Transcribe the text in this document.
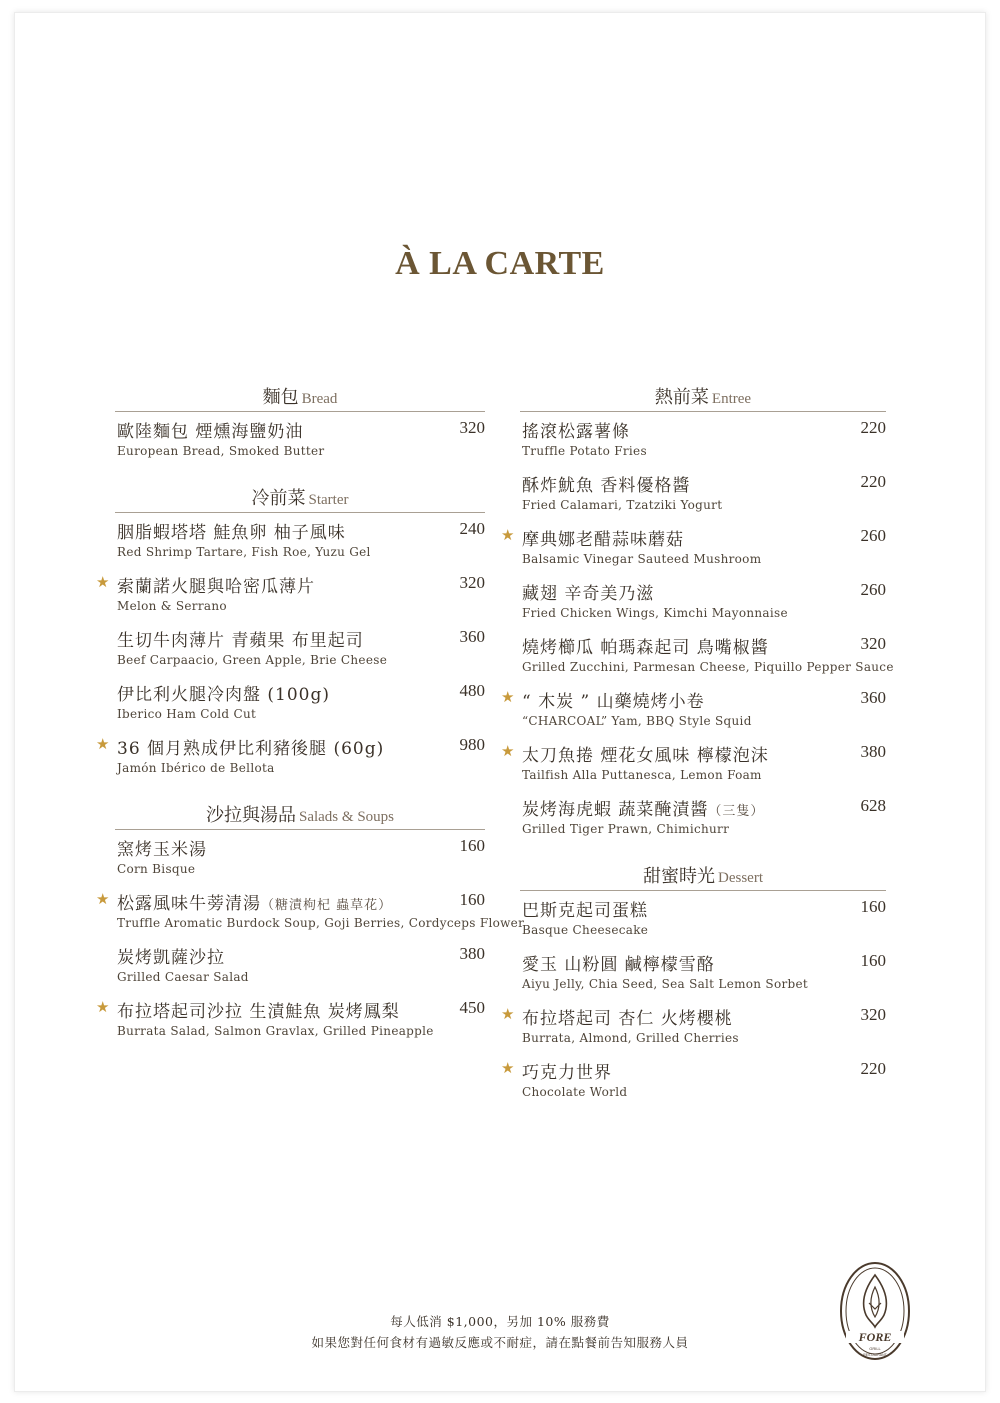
À LA CARTE
麵包 Bread
歐陸麵包 煙燻海鹽奶油	320
European Bread, Smoked Butter
冷前菜 Starter
胭脂蝦塔塔 鮭魚卵 柚子風味	240
Red Shrimp Tartare, Fish Roe, Yuzu Gel
★ 索蘭諾火腿與哈密瓜薄片	320
Melon & Serrano
生切牛肉薄片 青蘋果 布里起司	360
Beef Carpaacio, Green Apple, Brie Cheese
伊比利火腿冷肉盤 (100g)	480
Iberico Ham Cold Cut
★ 36 個月熟成伊比利豬後腿 (60g)	980
Jamón Ibérico de Bellota
沙拉與湯品 Salads & Soups
窯烤玉米湯	160
Corn Bisque
★ 松露風味牛蒡清湯（糖漬枸杞 蟲草花）	160
Truffle Aromatic Burdock Soup, Goji Berries, Cordyceps Flower
炭烤凱薩沙拉	380
Grilled Caesar Salad
★ 布拉塔起司沙拉 生漬鮭魚 炭烤鳳梨	450
Burrata Salad, Salmon Gravlax, Grilled Pineapple
熱前菜 Entree
搖滾松露薯條	220
Truffle Potato Fries
酥炸魷魚 香料優格醬	220
Fried Calamari, Tzatziki Yogurt
★ 摩典娜老醋蒜味蘑菇	260
Balsamic Vinegar Sauteed Mushroom
藏翅 辛奇美乃滋	260
Fried Chicken Wings, Kimchi Mayonnaise
燒烤櫛瓜 帕瑪森起司 鳥嘴椒醬	320
Grilled Zucchini, Parmesan Cheese, Piquillo Pepper Sauce
★ “ 木炭 ” 山藥燒烤小卷	360
“CHARCOAL” Yam, BBQ Style Squid
★ 太刀魚捲 煙花女風味 檸檬泡沫	380
Tailfish Alla Puttanesca, Lemon Foam
炭烤海虎蝦 蔬菜醃漬醬（三隻）	628
Grilled Tiger Prawn, Chimichurr
甜蜜時光 Dessert
巴斯克起司蛋糕	160
Basque Cheesecake
愛玉 山粉圓 鹹檸檬雪酪	160
Aiyu Jelly, Chia Seed, Sea Salt Lemon Sorbet
★ 布拉塔起司 杏仁 火烤櫻桃	320
Burrata, Almond, Grilled Cherries
★ 巧克力世界	220
Chocolate World
每人低消 $1,000，另加 10% 服務費
如果您對任何食材有過敏反應或不耐症，請在點餐前告知服務人員	FORE
GRILL
RESTAURANT
